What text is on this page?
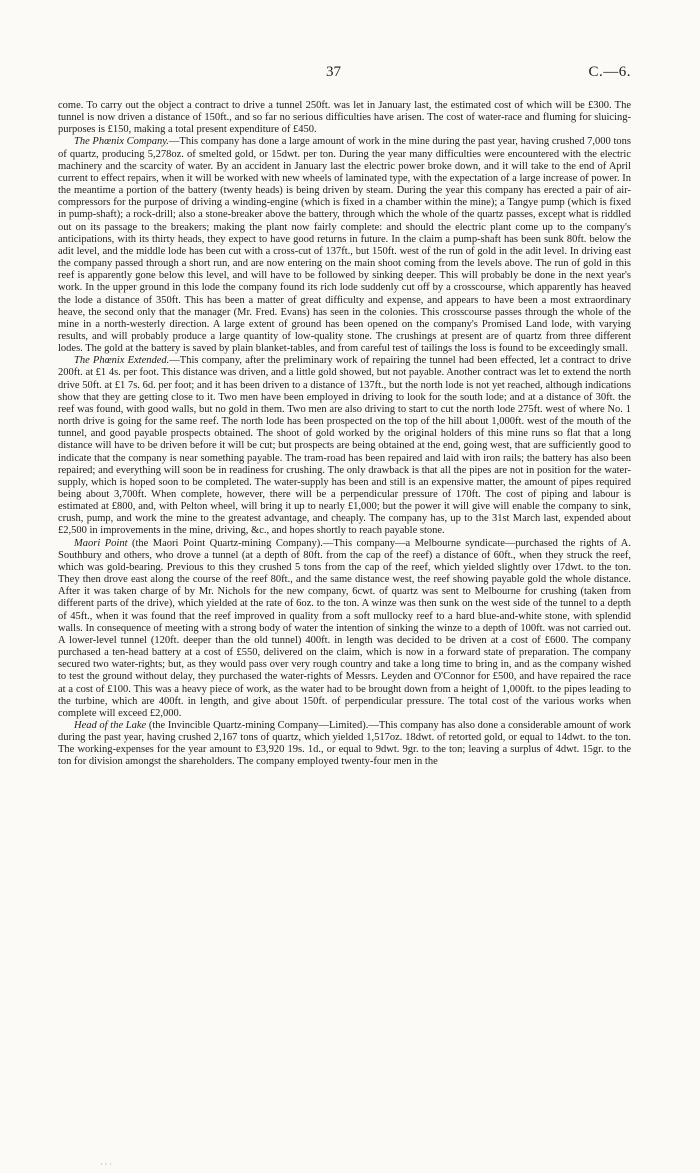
37	C.—6.

come. To carry out the object a contract to drive a tunnel 250ft. was let in January last, the estimated cost of which will be £300. The tunnel is now driven a distance of 150ft., and so far no serious difficulties have arisen. The cost of water-race and fluming for sluicing-purposes is £150, making a total present expenditure of £450.

The Phœnix Company.—This company has done a large amount of work in the mine during the past year, having crushed 7,000 tons of quartz, producing 5,278oz. of smelted gold, or 15dwt. per ton. During the year many difficulties were encountered with the electric machinery and the scarcity of water. By an accident in January last the electric power broke down, and it will take to the end of April current to effect repairs, when it will be worked with new wheels of laminated type, with the expectation of a large increase of power. In the meantime a portion of the battery (twenty heads) is being driven by steam. During the year this company has erected a pair of air-compressors for the purpose of driving a winding-engine (which is fixed in a chamber within the mine); a Tangye pump (which is fixed in pump-shaft); a rock-drill; also a stone-breaker above the battery, through which the whole of the quartz passes, except what is riddled out on its passage to the breakers; making the plant now fairly complete: and should the electric plant come up to the company's anticipations, with its thirty heads, they expect to have good returns in future. In the claim a pump-shaft has been sunk 80ft. below the adit level, and the middle lode has been cut with a cross-cut of 137ft., but 150ft. west of the run of gold in the adit level. In driving east the company passed through a short run, and are now entering on the main shoot coming from the levels above. The run of gold in this reef is apparently gone below this level, and will have to be followed by sinking deeper. This will probably be done in the next year's work. In the upper ground in this lode the company found its rich lode suddenly cut off by a crosscourse, which apparently has heaved the lode a distance of 350ft. This has been a matter of great difficulty and expense, and appears to have been a most extraordinary heave, the second only that the manager (Mr. Fred. Evans) has seen in the colonies. This crosscourse passes through the whole of the mine in a north-westerly direction. A large extent of ground has been opened on the company's Promised Land lode, with varying results, and will probably produce a large quantity of low-quality stone. The crushings at present are of quartz from three different lodes. The gold at the battery is saved by plain blanket-tables, and from careful test of tailings the loss is found to be exceedingly small.

The Phœnix Extended.—This company, after the preliminary work of repairing the tunnel had been effected, let a contract to drive 200ft. at £1 4s. per foot. This distance was driven, and a little gold showed, but not payable. Another contract was let to extend the north drive 50ft. at £1 7s. 6d. per foot; and it has been driven to a distance of 137ft., but the north lode is not yet reached, although indications show that they are getting close to it. Two men have been employed in driving to look for the south lode; and at a distance of 30ft. the reef was found, with good walls, but no gold in them. Two men are also driving to start to cut the north lode 275ft. west of where No. 1 north drive is going for the same reef. The north lode has been prospected on the top of the hill about 1,000ft. west of the mouth of the tunnel, and good payable prospects obtained. The shoot of gold worked by the original holders of this mine runs so flat that a long distance will have to be driven before it will be cut; but prospects are being obtained at the end, going west, that are sufficiently good to indicate that the company is near something payable. The tram-road has been repaired and laid with iron rails; the battery has also been repaired; and everything will soon be in readiness for crushing. The only drawback is that all the pipes are not in position for the water-supply, which is hoped soon to be completed. The water-supply has been and still is an expensive matter, the amount of pipes required being about 3,700ft. When complete, however, there will be a perpendicular pressure of 170ft. The cost of piping and labour is estimated at £800, and, with Pelton wheel, will bring it up to nearly £1,000; but the power it will give will enable the company to sink, crush, pump, and work the mine to the greatest advantage, and cheaply. The company has, up to the 31st March last, expended about £2,500 in improvements in the mine, driving, &c., and hopes shortly to reach payable stone.

Maori Point (the Maori Point Quartz-mining Company).—This company—a Melbourne syndicate—purchased the rights of A. Southbury and others, who drove a tunnel (at a depth of 80ft. from the cap of the reef) a distance of 60ft., when they struck the reef, which was gold-bearing. Previous to this they crushed 5 tons from the cap of the reef, which yielded slightly over 17dwt. to the ton. They then drove east along the course of the reef 80ft., and the same distance west, the reef showing payable gold the whole distance. After it was taken charge of by Mr. Nichols for the new company, 6cwt. of quartz was sent to Melbourne for crushing (taken from different parts of the drive), which yielded at the rate of 6oz. to the ton. A winze was then sunk on the west side of the tunnel to a depth of 45ft., when it was found that the reef improved in quality from a soft mullocky reef to a hard blue-and-white stone, with splendid walls. In consequence of meeting with a strong body of water the intention of sinking the winze to a depth of 100ft. was not carried out. A lower-level tunnel (120ft. deeper than the old tunnel) 400ft. in length was decided to be driven at a cost of £600. The company purchased a ten-head battery at a cost of £550, delivered on the claim, which is now in a forward state of preparation. The company secured two water-rights; but, as they would pass over very rough country and take a long time to bring in, and as the company wished to test the ground without delay, they purchased the water-rights of Messrs. Leyden and O'Connor for £500, and have repaired the race at a cost of £100. This was a heavy piece of work, as the water had to be brought down from a height of 1,000ft. to the pipes leading to the turbine, which are 400ft. in length, and give about 150ft. of perpendicular pressure. The total cost of the various works when complete will exceed £2,000.

Head of the Lake (the Invincible Quartz-mining Company—Limited).—This company has also done a considerable amount of work during the past year, having crushed 2,167 tons of quartz, which yielded 1,517oz. 18dwt. of retorted gold, or equal to 14dwt. to the ton. The working-expenses for the year amount to £3,920 19s. 1d., or equal to 9dwt. 9gr. to the ton; leaving a surplus of 4dwt. 15gr. to the ton for division amongst the shareholders. The company employed twenty-four men in the

· · ·
